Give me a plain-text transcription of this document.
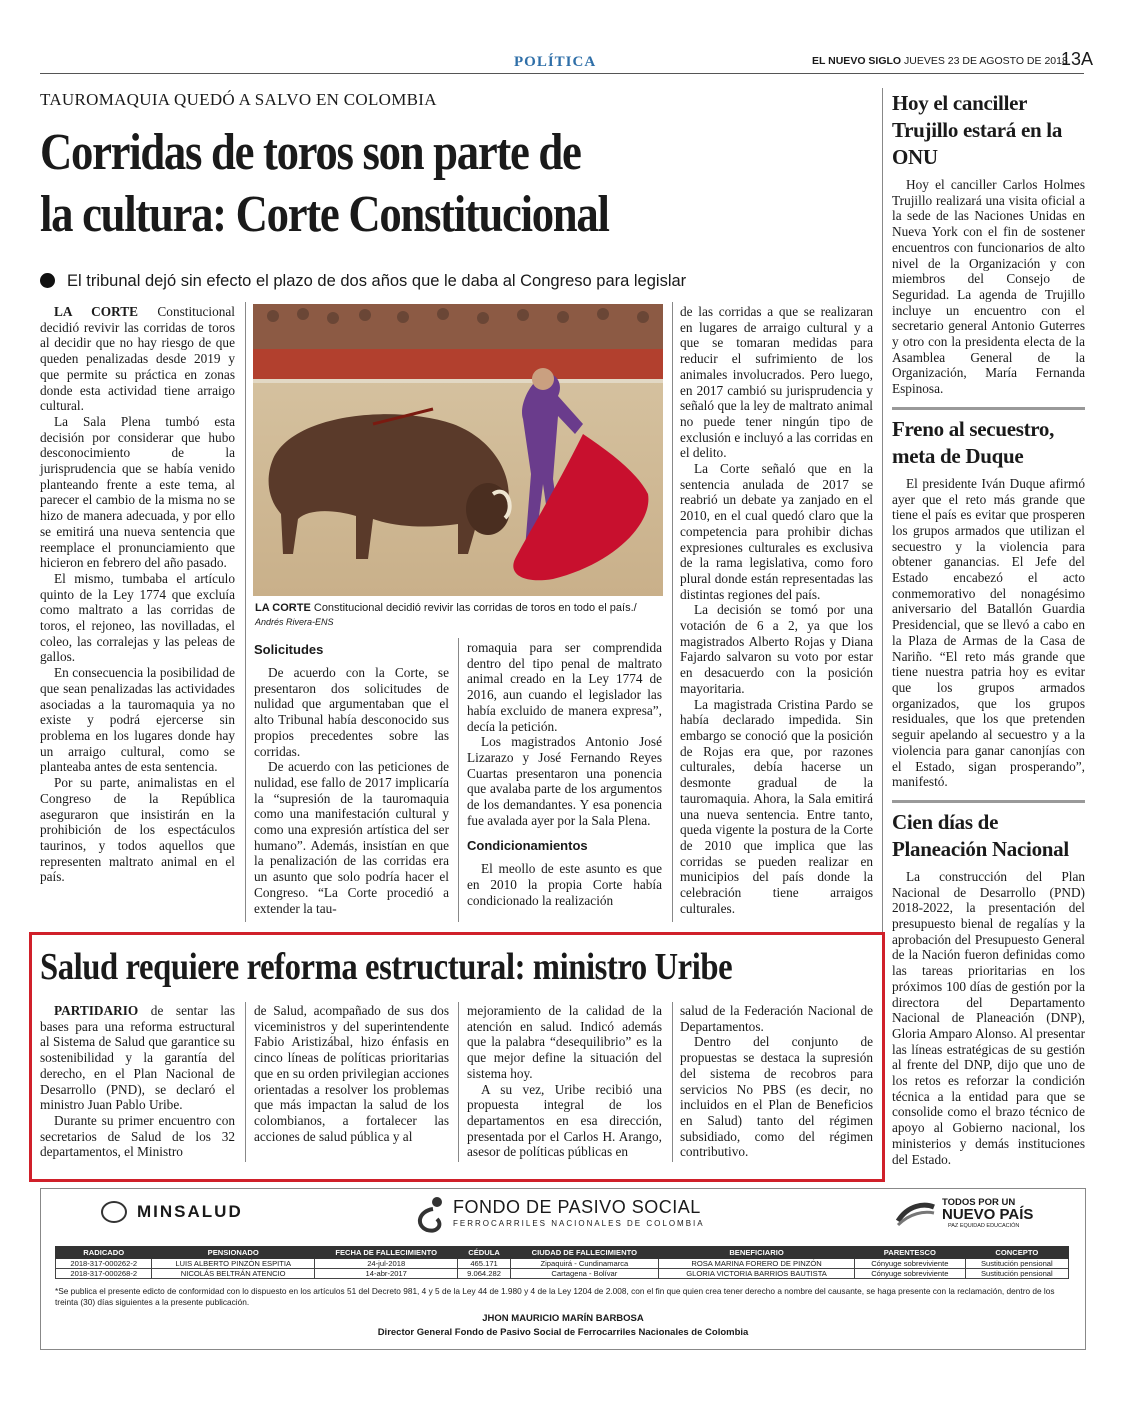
POLÍTICA	EL NUEVO SIGLO JUEVES 23 DE AGOSTO DE 2018
13A
TAUROMAQUIA QUEDÓ A SALVO EN COLOMBIA
Corridas de toros son parte de
la cultura: Corte Constitucional
El tribunal dejó sin efecto el plazo de dos años que le daba al Congreso para legislar

LA CORTE Constitucional decidió revivir las corridas de toros al decidir que no hay riesgo de que queden penalizadas desde 2019 y que permite su práctica en zonas donde esta actividad tiene arraigo cultural.

La Sala Plena tumbó esta decisión por considerar que hubo desconocimiento de la jurisprudencia que se había venido planteando frente a este tema, al parecer el cambio de la misma no se hizo de manera adecuada, y por ello se emitirá una nueva sentencia que reemplace el pronunciamiento que hicieron en febrero del año pasado.

El mismo, tumbaba el artículo quinto de la Ley 1774 que excluía como maltrato a las corridas de toros, el rejoneo, las novilladas, el coleo, las corralejas y las peleas de gallos.

En consecuencia la posibilidad de que sean penalizadas las actividades asociadas a la tauromaquia ya no existe y podrá ejercerse sin problema en los lugares donde hay un arraigo cultural, como se planteaba antes de esta sentencia.

Por su parte, animalistas en el Congreso de la República aseguraron que insistirán en la prohibición de los espectáculos taurinos, y todos aquellos que representen maltrato animal en el país.

LA CORTE Constitucional decidió revivir las corridas de toros en todo el país./
Andrés Rivera-ENS
Solicitudes

De acuerdo con la Corte, se presentaron dos solicitudes de nulidad que argumentaban que el alto Tribunal había desconocido sus propios precedentes sobre las corridas.

De acuerdo con las peticiones de nulidad, ese fallo de 2017 implicaría la “supresión de la tauromaquia como una manifestación cultural y como una expresión artística del ser humano”. Además, insistían en que la penalización de las corridas era un asunto que solo podría hacer el Congreso. “La Corte procedió a extender la tau-

romaquia para ser comprendida dentro del tipo penal de maltrato animal creado en la Ley 1774 de 2016, aun cuando el legislador las había excluido de manera expresa”, decía la petición.

Los magistrados Antonio José Lizarazo y José Fernando Reyes Cuartas presentaron una ponencia que avalaba parte de los argumentos de los demandantes. Y esa ponencia fue avalada ayer por la Sala Plena.

Condicionamientos

El meollo de este asunto es que en 2010 la propia Corte había condicionado la realización

de las corridas a que se realizaran en lugares de arraigo cultural y a que se tomaran medidas para reducir el sufrimiento de los animales involucrados. Pero luego, en 2017 cambió su jurisprudencia y señaló que la ley de maltrato animal no puede tener ningún tipo de exclusión e incluyó a las corridas en el delito.

La Corte señaló que en la sentencia anulada de 2017 se reabrió un debate ya zanjado en el 2010, en el cual quedó claro que la competencia para prohibir dichas expresiones culturales es exclusiva de la rama legislativa, como foro plural donde están representadas las distintas regiones del país.

La decisión se tomó por una votación de 6 a 2, ya que los magistrados Alberto Rojas y Diana Fajardo salvaron su voto por estar en desacuerdo con la posición mayoritaria.

La magistrada Cristina Pardo se había declarado impedida. Sin embargo se conoció que la posición de Rojas era que, por razones culturales, debía hacerse un desmonte gradual de la tauromaquia. Ahora, la Sala emitirá una nueva sentencia. Entre tanto, queda vigente la postura de la Corte de 2010 que implica que las corridas se pueden realizar en municipios del país donde la celebración tiene arraigos culturales.

Hoy el canciller Trujillo estará en la ONU

Hoy el canciller Carlos Holmes Trujillo realizará una visita oficial a la sede de las Naciones Unidas en Nueva York con el fin de sostener encuentros con funcionarios de alto nivel de la Organización y con miembros del Consejo de Seguridad. La agenda de Trujillo incluye un encuentro con el secretario general Antonio Guterres y otro con la presidenta electa de la Asamblea General de la Organización, María Fernanda Espinosa.

Freno al secuestro, meta de Duque

El presidente Iván Duque afirmó ayer que el reto más grande que tiene el país es evitar que prosperen los grupos armados que utilizan el secuestro y la violencia para obtener ganancias. El Jefe del Estado encabezó el acto conmemorativo del nonagésimo aniversario del Batallón Guardia Presidencial, que se llevó a cabo en la Plaza de Armas de la Casa de Nariño. “El reto más grande que tiene nuestra patria hoy es evitar que los grupos armados organizados, que los grupos residuales, que los que pretenden seguir apelando al secuestro y a la violencia para ganar canonjías con el Estado, sigan prosperando”, manifestó.

Cien días de Planeación Nacional

La construcción del Plan Nacional de Desarrollo (PND) 2018-2022, la presentación del presupuesto bienal de regalías y la aprobación del Presupuesto General de la Nación fueron definidas como las tareas prioritarias en los próximos 100 días de gestión por la directora del Departamento Nacional de Planeación (DNP), Gloria Amparo Alonso. Al presentar las líneas estratégicas de su gestión al frente del DNP, dijo que uno de los retos es reforzar la condición técnica a la entidad para que se consolide como el brazo técnico de apoyo al Gobierno nacional, los ministerios y demás instituciones del Estado.

Salud requiere reforma estructural: ministro Uribe

PARTIDARIO de sentar las bases para una reforma estructural al Sistema de Salud que garantice su sostenibilidad y la garantía del derecho, en el Plan Nacional de Desarrollo (PND), se declaró el ministro Juan Pablo Uribe.

Durante su primer encuentro con secretarios de Salud de los 32 departamentos, el Ministro

de Salud, acompañado de sus dos viceministros y del superintendente Fabio Aristizábal, hizo énfasis en cinco líneas de políticas prioritarias que en su orden privilegian acciones orientadas a resolver los problemas que más impactan la salud de los colombianos, a fortalecer las acciones de salud pública y al

mejoramiento de la calidad de la atención en salud. Indicó además que la palabra “desequilibrio” es la que mejor define la situación del sistema hoy.

A su vez, Uribe recibió una propuesta integral de los departamentos en esa dirección, presentada por el Carlos H. Arango, asesor de políticas públicas en

salud de la Federación Nacional de Departamentos.

Dentro del conjunto de propuestas se destaca la supresión del sistema de recobros para servicios No PBS (es decir, no incluidos en el Plan de Beneficios en Salud) tanto del régimen subsidiado, como del régimen contributivo.

MINSALUD	FONDO DE PASIVO SOCIAL
FERROCARRILES NACIONALES DE COLOMBIA
TODOS POR UN
NUEVO PAÍS
PAZ EQUIDAD EDUCACIÓN
RADICADO	PENSIONADO	FECHA DE FALLECIMIENTO	CÉDULA	CIUDAD DE FALLECIMIENTO	BENEFICIARIO	PARENTESCO	CONCEPTO
2018-317-000262-2	LUIS ALBERTO PINZÓN ESPITIA	24-jul-2018	465.171	Zipaquirá - Cundinamarca	ROSA MARINA FORERO DE PINZÓN	Cónyuge sobreviviente	Sustitución pensional
2018-317-000268-2	NICOLÁS BELTRÁN ATENCIO	14-abr-2017	9.064.282	Cartagena - Bolívar	GLORIA VICTORIA BARRIOS BAUTISTA	Cónyuge sobreviviente	Sustitución pensional
*Se publica el presente edicto de conformidad con lo dispuesto en los artículos 51 del Decreto 981, 4 y 5 de la Ley 44 de 1.980 y 4 de la Ley 1204 de 2.008, con el fin que quien crea tener derecho a nombre del causante, se haga presente con la reclamación, dentro de los treinta (30) días siguientes a la presente publicación.
JHON MAURICIO MARÍN BARBOSA
Director General Fondo de Pasivo Social de Ferrocarriles Nacionales de Colombia
